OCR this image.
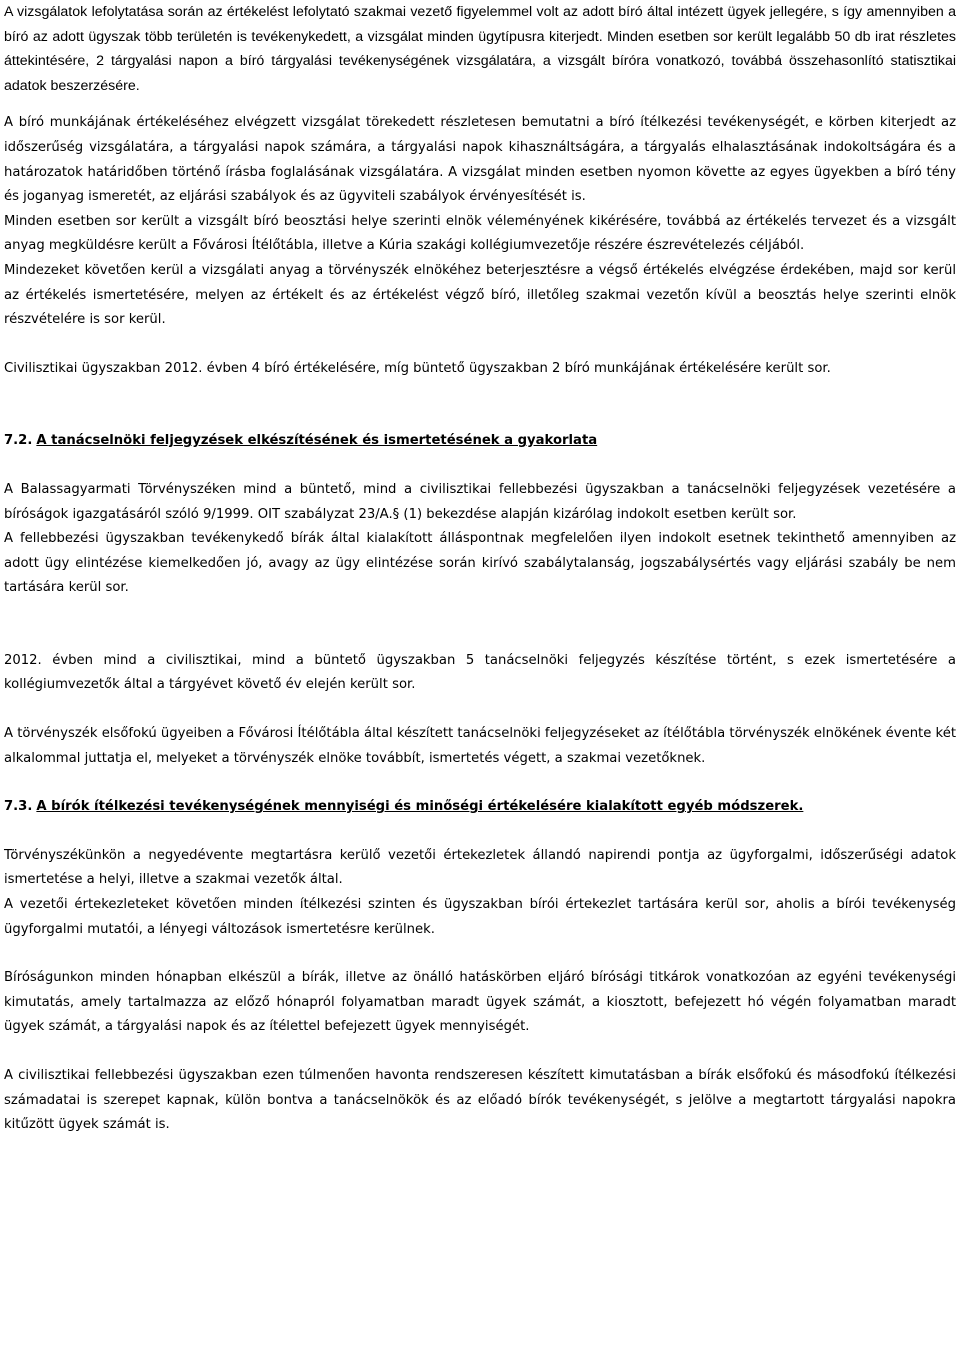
A vizsgálatok lefolytatása során az értékelést lefolytató szakmai vezető figyelemmel volt az adott bíró által intézett ügyek jellegére, s így amennyiben a bíró az adott ügyszak több területén is tevékenykedett, a vizsgálat minden ügytípusra kiterjedt. Minden esetben sor került legalább 50 db irat részletes áttekintésére, 2 tárgyalási napon a bíró tárgyalási tevékenységének vizsgálatára, a vizsgált bíróra vonatkozó, továbbá összehasonlító statisztikai adatok beszerzésére.

A bíró munkájának értékeléséhez elvégzett vizsgálat törekedett részletesen bemutatni a bíró ítélkezési tevékenységét, e körben kiterjedt az időszerűség vizsgálatára, a tárgyalási napok számára, a tárgyalási napok kihasználtságára, a tárgyalás elhalasztásának indokoltságára és a határozatok határidőben történő írásba foglalásának vizsgálatára. A vizsgálat minden esetben nyomon követte az egyes ügyekben a bíró tény és joganyag ismeretét, az eljárási szabályok és az ügyviteli szabályok érvényesítését is.

Minden esetben sor került a vizsgált bíró beosztási helye szerinti elnök véleményének kikérésére, továbbá az értékelés tervezet és a vizsgált anyag megküldésre került a Fővárosi Ítélőtábla, illetve a Kúria szakági kollégiumvezetője részére észrevételezés céljából.

Mindezeket követően kerül a vizsgálati anyag a törvényszék elnökéhez beterjesztésre a végső értékelés elvégzése érdekében, majd sor kerül az értékelés ismertetésére, melyen az értékelt és az értékelést végző bíró, illetőleg szakmai vezetőn kívül a beosztás helye szerinti elnök részvételére is sor kerül.

Civilisztikai ügyszakban 2012. évben 4 bíró értékelésére, míg büntető ügyszakban 2 bíró munkájának értékelésére került sor.

7.2. A tanácselnöki feljegyzések elkészítésének és ismertetésének a gyakorlata

A Balassagyarmati Törvényszéken mind a büntető, mind a civilisztikai fellebbezési ügyszakban a tanácselnöki feljegyzések vezetésére a bíróságok igazgatásáról szóló 9/1999. OIT szabályzat 23/A.§ (1) bekezdése alapján kizárólag indokolt esetben került sor.

A fellebbezési ügyszakban tevékenykedő bírák által kialakított álláspontnak megfelelően ilyen indokolt esetnek tekinthető amennyiben az adott ügy elintézése kiemelkedően jó, avagy az ügy elintézése során kirívó szabálytalanság, jogszabálysértés vagy eljárási szabály be nem tartására kerül sor.

2012. évben mind a civilisztikai, mind a büntető ügyszakban 5 tanácselnöki feljegyzés készítése történt, s ezek ismertetésére a kollégiumvezetők által a tárgyévet követő év elején került sor.

A törvényszék elsőfokú ügyeiben a Fővárosi Ítélőtábla által készített tanácselnöki feljegyzéseket az ítélőtábla törvényszék elnökének évente két alkalommal juttatja el, melyeket a törvényszék elnöke továbbít, ismertetés végett, a szakmai vezetőknek.

7.3. A bírók ítélkezési tevékenységének mennyiségi és minőségi értékelésére kialakított egyéb módszerek.

Törvényszékünkön a negyedévente megtartásra kerülő vezetői értekezletek állandó napirendi pontja az ügyforgalmi, időszerűségi adatok ismertetése a helyi, illetve a szakmai vezetők által.

A vezetői értekezleteket követően minden ítélkezési szinten és ügyszakban bírói értekezlet tartására kerül sor, aholis a bírói tevékenység ügyforgalmi mutatói, a lényegi változások ismertetésre kerülnek.

Bíróságunkon minden hónapban elkészül a bírák, illetve az önálló hatáskörben eljáró bírósági titkárok vonatkozóan az egyéni tevékenységi kimutatás, amely tartalmazza az előző hónapról folyamatban maradt ügyek számát, a kiosztott, befejezett hó végén folyamatban maradt ügyek számát, a tárgyalási napok és az ítélettel befejezett ügyek mennyiségét.

A civilisztikai fellebbezési ügyszakban ezen túlmenően havonta rendszeresen készített kimutatásban a bírák elsőfokú és másodfokú ítélkezési számadatai is szerepet kapnak, külön bontva a tanácselnökök és az előadó bírók tevékenységét, s jelölve a megtartott tárgyalási napokra kitűzött ügyek számát is.
